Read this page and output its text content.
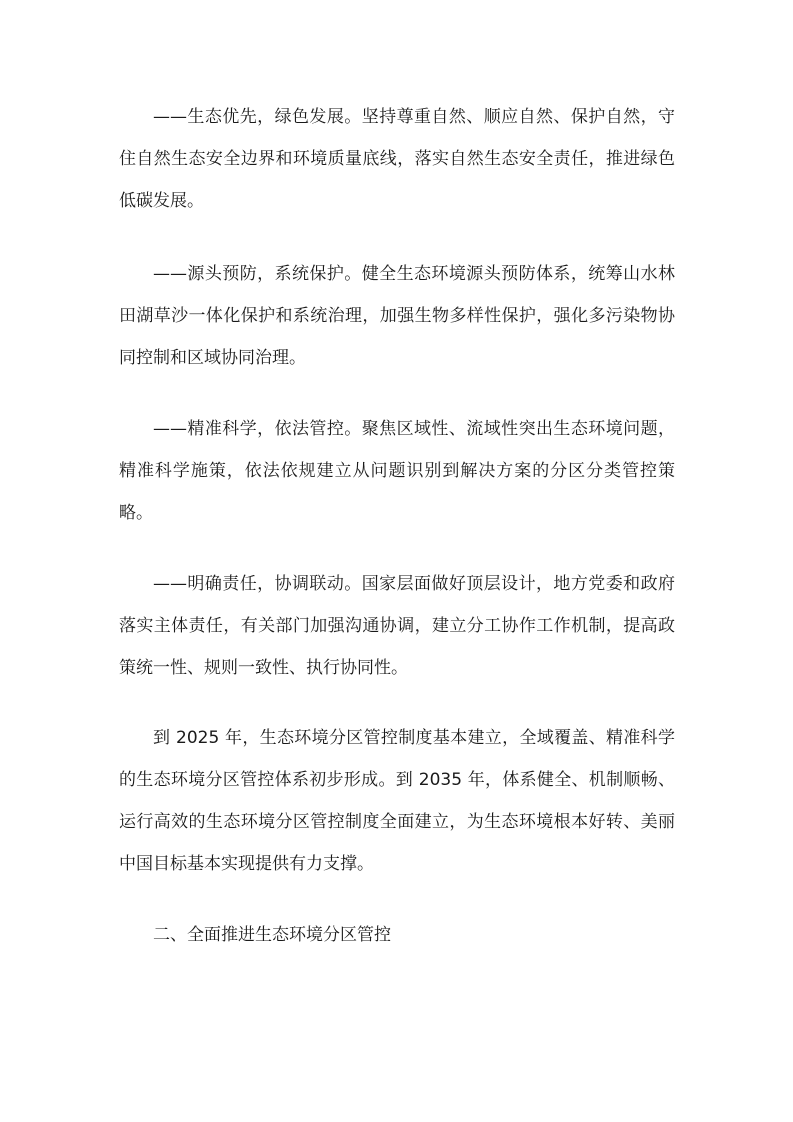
——生态优先，绿色发展。坚持尊重自然、顺应自然、保护自然，守住自然生态安全边界和环境质量底线，落实自然生态安全责任，推进绿色低碳发展。

——源头预防，系统保护。健全生态环境源头预防体系，统筹山水林田湖草沙一体化保护和系统治理，加强生物多样性保护，强化多污染物协同控制和区域协同治理。

——精准科学，依法管控。聚焦区域性、流域性突出生态环境问题，精准科学施策，依法依规建立从问题识别到解决方案的分区分类管控策略。

——明确责任，协调联动。国家层面做好顶层设计，地方党委和政府落实主体责任，有关部门加强沟通协调，建立分工协作工作机制，提高政策统一性、规则一致性、执行协同性。

到 2025 年，生态环境分区管控制度基本建立，全域覆盖、精准科学的生态环境分区管控体系初步形成。到 2035 年，体系健全、机制顺畅、运行高效的生态环境分区管控制度全面建立，为生态环境根本好转、美丽中国目标基本实现提供有力支撑。

二、全面推进生态环境分区管控
